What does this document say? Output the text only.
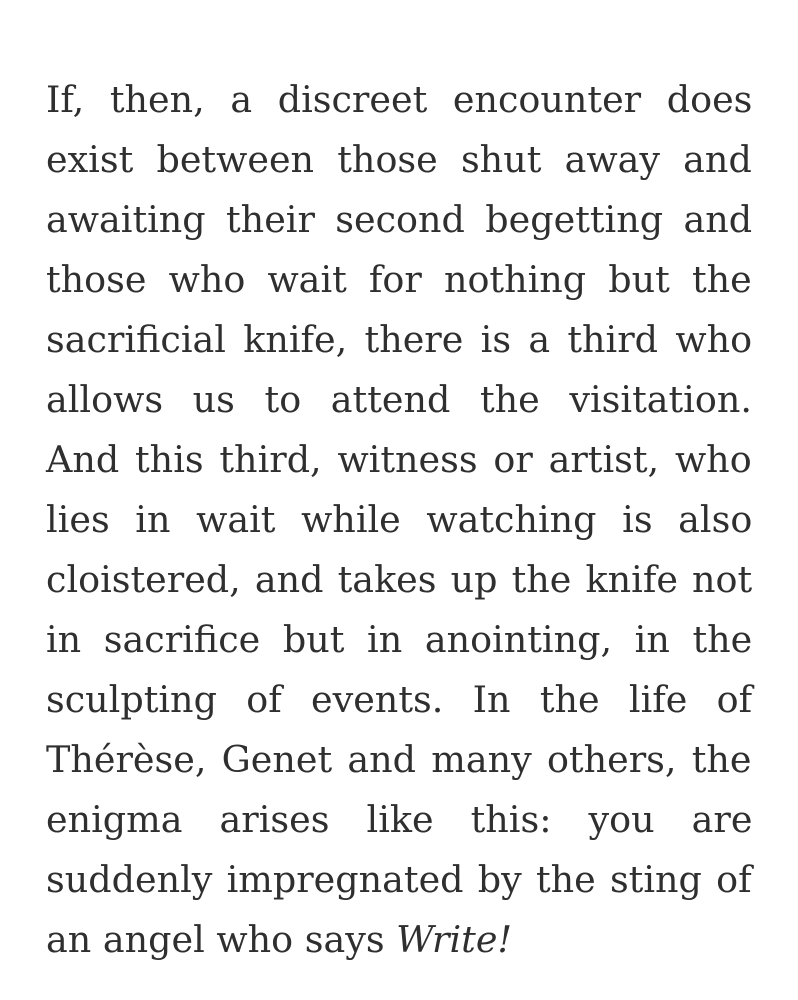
If, then, a discreet encounter does
exist between those shut away and
awaiting their second begetting and
those who wait for nothing but the
sacrificial knife, there is a third who
allows us to attend the visitation.
And this third, witness or artist, who
lies in wait while watching is also
cloistered, and takes up the knife not
in sacrifice but in anointing, in the
sculpting of events. In the life of
Thérèse, Genet and many others, the
enigma arises like this: you are
suddenly impregnated by the sting of
an angel who says Write!
